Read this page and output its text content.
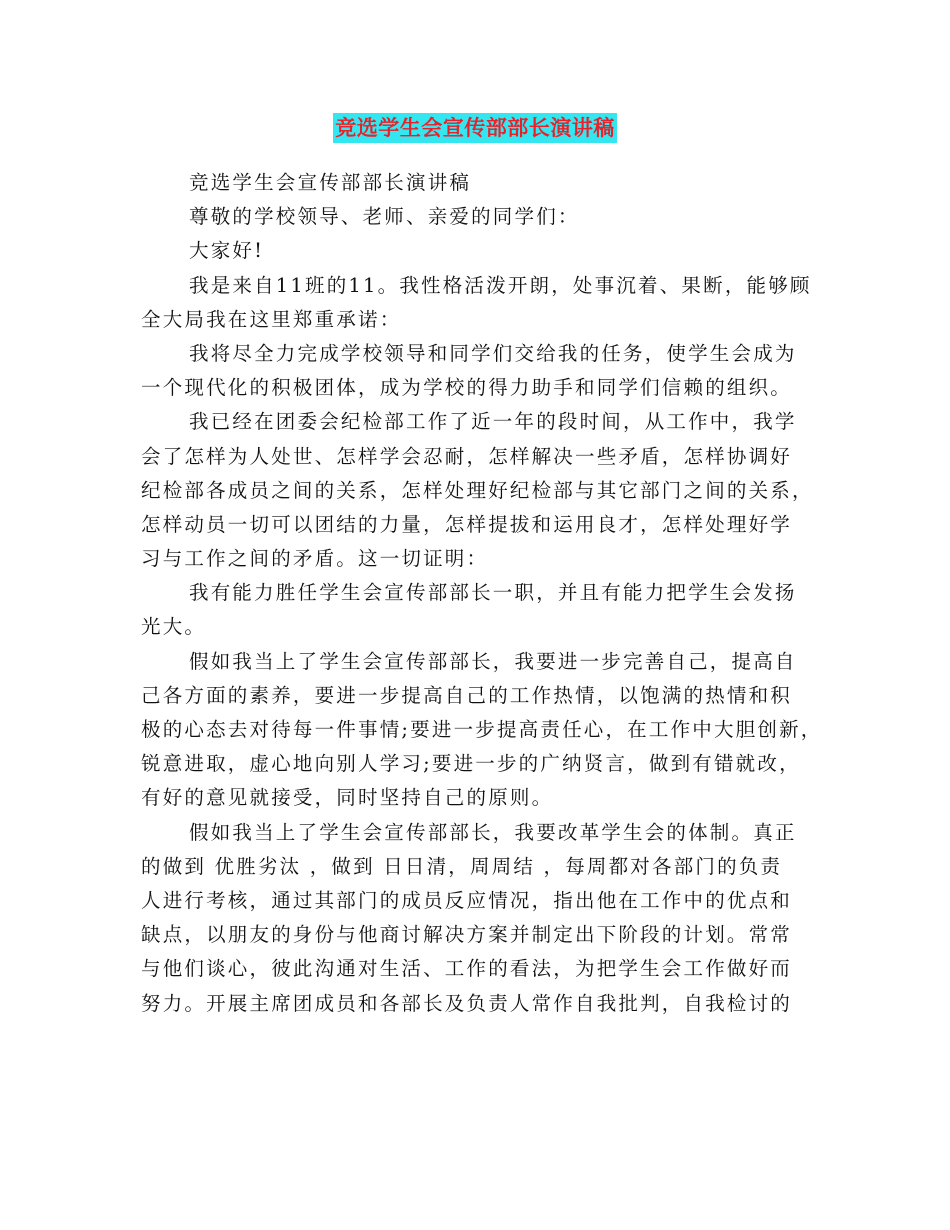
竞选学生会宣传部部长演讲稿
竞选学生会宣传部部长演讲稿
尊敬的学校领导、老师、亲爱的同学们：
大家好!
我是来自11班的11。我性格活泼开朗，处事沉着、果断，能够顾
全大局我在这里郑重承诺：
我将尽全力完成学校领导和同学们交给我的任务，使学生会成为
一个现代化的积极团体，成为学校的得力助手和同学们信赖的组织。
我已经在团委会纪检部工作了近一年的段时间，从工作中，我学
会了怎样为人处世、怎样学会忍耐，怎样解决一些矛盾，怎样协调好
纪检部各成员之间的关系，怎样处理好纪检部与其它部门之间的关系，
怎样动员一切可以团结的力量，怎样提拔和运用良才，怎样处理好学
习与工作之间的矛盾。这一切证明：
我有能力胜任学生会宣传部部长一职，并且有能力把学生会发扬
光大。
假如我当上了学生会宣传部部长，我要进一步完善自己，提高自
己各方面的素养，要进一步提高自己的工作热情，以饱满的热情和积
极的心态去对待每一件事情;要进一步提高责任心，在工作中大胆创新，
锐意进取，虚心地向别人学习;要进一步的广纳贤言，做到有错就改，
有好的意见就接受，同时坚持自己的原则。
假如我当上了学生会宣传部部长，我要改革学生会的体制。真正
的做到 优胜劣汰 ，做到 日日清，周周结 ，每周都对各部门的负责
人进行考核，通过其部门的成员反应情况，指出他在工作中的优点和
缺点，以朋友的身份与他商讨解决方案并制定出下阶段的计划。常常
与他们谈心，彼此沟通对生活、工作的看法，为把学生会工作做好而
努力。开展主席团成员和各部长及负责人常作自我批判，自我检讨的
